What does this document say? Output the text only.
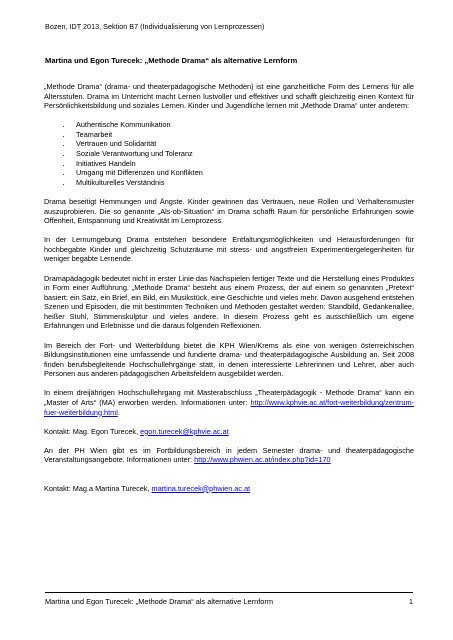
Bozen, IDT 2013, Sektion B7 (Individualisierung von Lernprozessen)
Martina und Egon Turecek: „Methode Drama“ als alternative Lernform

„Methode Drama“ (drama- und theaterpädagogische Methoden) ist eine ganzheitliche Form des Lernens für alle Altersstufen. Drama im Unterricht macht Lernen lustvoller und effektiver und schafft gleichzeitig einen Kontext für Persönlichkeitsbildung und soziales Lernen. Kinder und Jugendliche lernen mit „Methode Drama“ unter anderem:

• Authentische Kommunikation
• Teamarbeit
• Vertrauen und Solidarität
• Soziale Verantwortung und Toleranz
• Initiatives Handeln
• Umgang mit Differenzen und Konflikten
• Multikulturelles Verständnis

Drama beseitigt Hemmungen und Ängste. Kinder gewinnen das Vertrauen, neue Rollen und Verhaltensmuster auszuprobieren. Die so genannte „Als-ob-Situation“ im Drama schafft Raum für persönliche Erfahrungen sowie Offenheit, Entspannung und Kreativität im Lernprozess.

In der Lernumgebung Drama entstehen besondere Entfaltungsmöglichkeiten und Herausforderungen für hochbegabte Kinder und gleichzeitig Schutzräume mit stress- und angstfreien Experimentiergelegenheiten für weniger begabte Lernende.

Dramapädagogik bedeutet nicht in erster Linie das Nachspielen fertiger Texte und die Herstellung eines Produktes in Form einer Aufführung. „Methode Drama“ besteht aus einem Prozess, der auf einem so genannten „Pretext“ basiert: ein Satz, ein Brief, ein Bild, ein Musikstück, eine Geschichte und vieles mehr. Davon ausgehend entstehen Szenen und Episoden, die mit bestimmten Techniken und Methoden gestaltet werden: Standbild, Gedankenallee, heißer Stuhl, Stimmenskulptur und vieles andere. In diesem Prozess geht es ausschließlich um eigene Erfahrungen und Erlebnisse und die daraus folgenden Reflexionen.

Im Bereich der Fort- und Weiterbildung bietet die KPH Wien/Krems als eine von wenigen österreichischen Bildungsinstitutionen eine umfassende und fundierte drama- und theaterpädagogische Ausbildung an. Seit 2008 finden berufsbegleitende Hochschullehrgänge statt, in denen interessierte Lehrerinnen und Lehrer, aber auch Personen aus anderen pädagogischen Arbeitsfeldern ausgebildet werden.

In einem dreijährigen Hochschullehrgang mit Masterabschluss „Theaterpädagogik - Methode Drama“ kann ein „Master of Arts“ (MA) erworben werden. Informationen unter: http://www.kphvie.ac.at/fort-weiterbildung/zentrum-fuer-weiterbildung.html.

Kontakt: Mag. Egon Turecek, egon.turecek@kphvie.ac.at

An der PH Wien gibt es im Fortbildungsbereich in jedem Semester drama- und theaterpädagogische Veranstaltungsangebote. Informationen unter: http://www.phwien.ac.at/index.php?id=170

Kontakt: Mag.a Martina Turecek, martina.turecek@phwien.ac.at

Martina und Egon Turecek: „Methode Drama“ als alternative Lernform	1
